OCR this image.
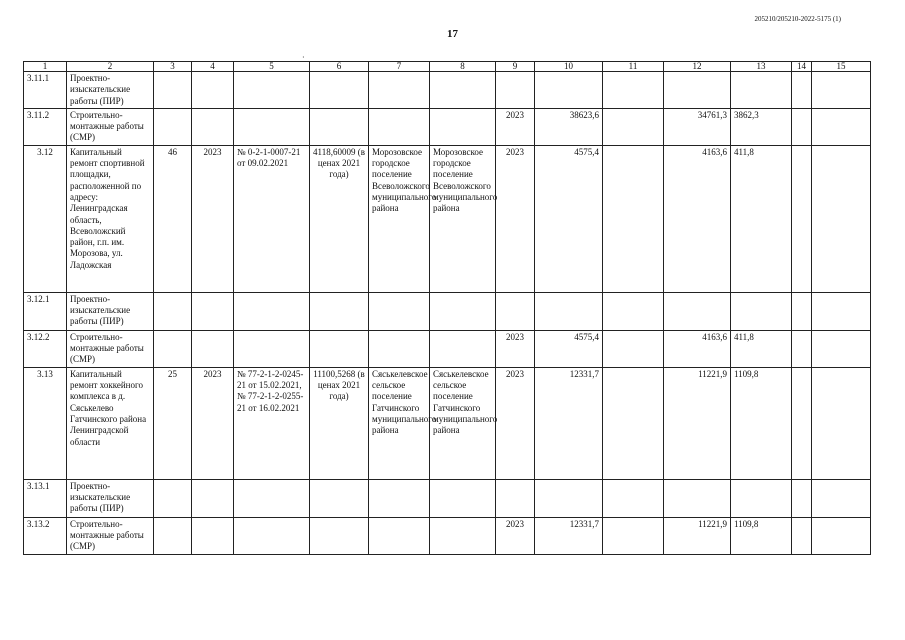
205210/205210-2022-5175 (1)
17
·
1	2	3	4	5	6	7	8	9	10	11	12	13	14	15
3.11.1	Проектно-изыскательские работы (ПИР)													
3.11.2	Строительно-монтажные работы (СМР)							2023	38623,6		34761,3	3862,3		
3.12	Капитальный ремонт спортивной площадки, расположенной по адресу: Ленинградская область, Всеволожский район, г.п. им. Морозова, ул. Ладожская	46	2023	№ 0-2-1-0007-21 от 09.02.2021	4118,60009 (в ценах 2021 года)	Морозовское городское поселение Всеволожского муниципального района	Морозовское городское поселение Всеволожского муниципального района	2023	4575,4		4163,6	411,8		
3.12.1	Проектно-изыскательские работы (ПИР)													
3.12.2	Строительно-монтажные работы (СМР)							2023	4575,4		4163,6	411,8		
3.13	Капитальный ремонт хоккейного комплекса в д. Сяськелево Гатчинского района Ленинградской области	25	2023	№ 77-2-1-2-0245-21 от 15.02.2021, № 77-2-1-2-0255-21 от 16.02.2021	11100,5268 (в ценах 2021 года)	Сяськелевское сельское поселение Гатчинского муниципального района	Сяськелевское сельское поселение Гатчинского муниципального района	2023	12331,7		11221,9	1109,8		
3.13.1	Проектно-изыскательские работы (ПИР)													
3.13.2	Строительно-монтажные работы (СМР)							2023	12331,7		11221,9	1109,8		
